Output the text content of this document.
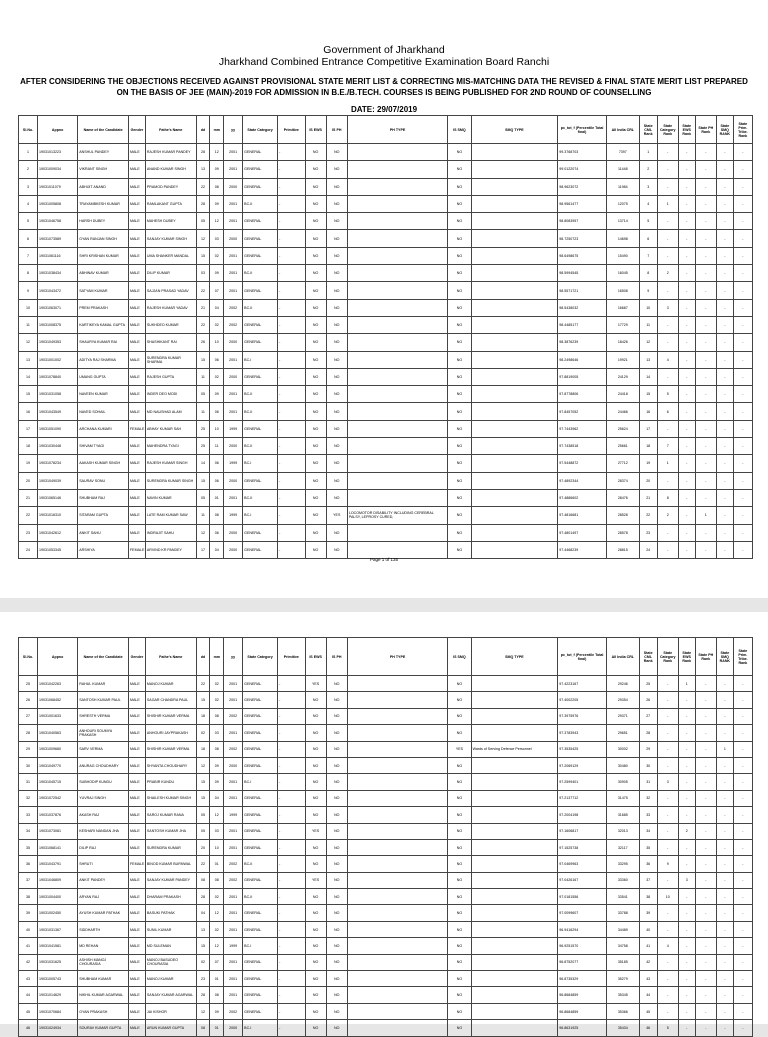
Government of Jharkhand
Jharkhand Combined Entrance Competitive Examination Board Ranchi
AFTER CONSIDERING THE OBJECTIONS RECEIVED AGAINST PROVISIONAL STATE MERIT LIST & CORRECTING MIS-MATCHING DATA THE REVISED & FINAL STATE MERIT LIST PREPARED ON THE BASIS OF JEE (MAIN)-2019 FOR ADMISSION IN B.E./B.TECH. COURSES IS BEING PUBLISHED FOR 2ND ROUND OF COUNSELLING
DATE: 29/07/2019
Sl.No.	Appno	Name of the Candidate	Gender	Fathe's Name	dd	mm	yy	State Category	Primitive	IS EWS	IS PH	PH TYPE	IS SMQ	SMQ TYPE	pc_tot_f (Percentile Total final)	All India CRL	State CML Rank	State Category Rank	State EWS Rank	State PH Rank	State SMQ RANK	State Prim. Tribe. Rank
1	19031013223	ANSHUL PANDEY	MALE	RAJESH KUMAR PANDEY	28	12	2001	GENERAL	-	NO	NO		NO		99.3768703	7397	1	-	-	-	-	-
2	19031009034	VIKRANT SINGH	MALE	ANAND KUMAR SINGH	13	09	2001	GENERAL	-	NO	NO		NO		99.0122074	11448	2	-	-	-	-	-
3	19031011079	ABHIJIT ANAND	MALE	PRAMOD PANDEY	22	08	2000	GENERAL	-	NO	NO		NO		98.9623072	11984	3	-	-	-	-	-
4	19031005808	TRAYAMBKESH KUMAR	MALE	RAMLAKANT GUPTA	28	09	2001	BC-II	-	NO	NO		NO		98.9561477	12075	4	1	-	-	-	-
5	19031046758	HARSH DUBEY	MALE	MAHESH DUBEY	05	12	2001	GENERAL	-	NO	NO		NO		98.8083957	13714	5	-	-	-	-	-
6	19031073589	GYAN RANJAN SINGH	MALE	SANJAY KUMAR SINGH	12	03	2000	GENERAL	-	NO	NO		NO		98.7250723	14698	6	-	-	-	-	-
7	19031061116	SHRI KRISHAN KUMAR	MALE	UMA SHANKER MANDAL	15	02	2001	GENERAL	-	NO	NO		NO		98.6498675	15490	7	-	-	-	-	-
8	19031038434	ABHINAV KUMAR	MALE	DILIP KUMAR	03	09	2001	BC-II	-	NO	NO		NO		98.5994545	16045	8	2	-	-	-	-
9	19031043472	SATYAM KUMAR	MALE	SAJJAN PRASAD YADAV	22	07	2001	GENERAL	-	NO	NO		NO		98.5571721	16508	9	-	-	-	-	-
10	19031063071	PREM PRAKASH	MALE	RAJESH KUMAR YADAV	21	04	2002	BC-II	-	NO	NO		NO		98.5438032	16687	10	3	-	-	-	-
11	19031008375	KARTIKEYA KAMAL GUPTA	MALE	SUKHDEO KUMAR	22	02	2002	GENERAL	-	NO	NO		NO		98.4485177	17729	11	-	-	-	-	-
12	19031049353	SHAURYA KUMAR RAI	MALE	SHASHIKANT RAI	26	10	2000	GENERAL	-	NO	NO		NO		98.3876239	18426	12	-	-	-	-	-
13	19031001002	ADITYA RAJ SHARMA	MALE	SURENDRA KUMAR SHARMA	15	06	2001	BC-I	-	NO	NO		NO		98.2498646	19921	13	4	-	-	-	-
14	19031078840	UMANG GUPTA	MALE	RAJESH GUPTA	11	02	2000	GENERAL	-	NO	NO		NO		97.8819005	24129	14	-	-	-	-	-
15	19031031058	NAVEEN KUMAR	MALE	INDER DEO MODI	05	09	2001	BC-II	-	NO	NO		NO		97.8778806	24418	15	5	-	-	-	-
16	19031043549	NAVED SOHAIL	MALE	MD NAUSHAD ALAM	11	06	2001	BC-II	-	NO	NO		NO		97.8457052	24466	16	6	-	-	-	-
17	19031051090	ARCHANA KUMARI	FEMALE	ABHAY KUMAR SAH	25	10	1999	GENERAL	-	NO	NO		NO		97.7443962	25624	17	-	-	-	-	-
18	19031030448	SHIVAM TYAGI	MALE	MAHENDRA TYAGI	25	11	2000	BC-II	-	NO	NO		NO		97.7438518	25661	18	7	-	-	-	-
19	19031078234	AAKASH KUMAR SINGH	MALE	RAJESH KUMAR SINGH	14	06	1999	BC-I	-	NO	NO		NO		97.5448872	27712	19	1	-	-	-	-
20	19031049039	SAURAV SONU	MALE	SURENDRA KUMAR SINGH	15	06	2000	GENERAL	-	NO	NO		NO		97.4892344	28374	20	-	-	-	-	-
21	19031065146	SHUBHAM RAJ	MALE	NAVIN KUMAR	05	01	2001	BC-II	-	NO	NO		NO		97.4886602	28476	21	8	-	-	-	-
22	19031016310	SITARAM GUPTA	MALE	LATE RAM KUMAR SAW	11	08	1999	BC-I	-	NO	YES	LOCOMOTOR DISABILITY INCLUDING CEREBRAL PALSY, LEPROSY CURED,	NO		97.4816681	28528	22	2	-	1	-	-
23	19031042612	ANKIT SAHU	MALE	INDRAJIT SAHU	12	06	2000	GENERAL	-	NO	NO		NO		97.4801497	28578	23	-	-	-	-	-
24	19031053345	ARSHIYA	FEMALE	ARVIND KR PANDEY	17	04	2000	GENERAL	-	NO	NO		NO		97.4468239	28815	24	-	-	-	-	-
Page 1 of 135
Sl.No.	Appno	Name of the Candidate	Gender	Fathe's Name	dd	mm	yy	State Category	Primitive	IS EWS	IS PH	PH TYPE	IS SMQ	SMQ TYPE	pc_tot_f (Percentile Total final)	All India CRL	State CML Rank	State Category Rank	State EWS Rank	State PH Rank	State SMQ RANK	State Prim. Tribe. Rank
25	19031042263	RAHUL KUMAR	MALE	MANOJ KUMAR	22	02	2001	GENERAL	-	YES	NO		NO		97.4223167	29246	25	-	1	-	-	-
26	19031068452	SANTOSH KUMAR PAUL	MALE	SAGAR CHANDRA PAUL	15	02	2001	GENERAL	-	NO	NO		NO		97.4002205	29354	26	-	-	-	-	-
27	19031001633	SHRESTH VERMA	MALE	SHISHIR KUMAR VERMA	18	08	2002	GENERAL	-	NO	NO		NO		97.3975976	29371	27	-	-	-	-	-
28	19031040563	ANHOURI SOUMYA PRAKASH	MALE	ANHOURI JAYPRAKASH	02	03	2001	GENERAL	-	NO	NO		NO		97.3783943	29651	28	-	-	-	-	-
29	19031009680	SARV VERMA	MALE	SHISHIR KUMAR VERMA	18	08	2002	GENERAL	-	NO	NO		YES	Wards of Serving Defence Personnel	97.3535425	30002	29	-	-	-	1	-
30	19031049770	ANURAG CHOUDHARY	MALE	SHYANTA CHOUDHARY	12	09	2000	GENERAL	-	NO	NO		NO		97.2069129	30480	30	-	-	-	-	-
31	19031045715	SUBHODIP KUNDU	MALE	PRABIR KUNDU	15	09	2001	BC-I	-	NO	NO		NO		97.2599401	30905	31	3	-	-	-	-
32	19031072542	YUVRAJ SINGH	MALE	SHAILESH KUMAR SINGH	15	04	2001	GENERAL	-	NO	NO		NO		97.2137712	31475	32	-	-	-	-	-
33	19031037876	AKASH RAJ	MALE	SAROJ KUMAR RANA	05	12	1999	GENERAL	-	NO	NO		NO		97.2004198	31685	33	-	-	-	-	-
34	19031073081	KESHARI NANDAN JHA	MALE	SANTOSH KUMAR JHA	05	03	2001	GENERAL	-	YES	NO		NO		97.1606817	32013	34	-	2	-	-	-
35	19031068141	DILIP RAJ	MALE	SURENDRA KUMAR	20	10	2001	GENERAL	-	NO	NO		NO		97.1525738	32117	35	-	-	-	-	-
36	19031043791	SHRUTI	FEMALE	BINOD KUMAR BURNWAL	22	01	2002	BC-II	-	NO	NO		NO		97.0469963	33295	36	9	-	-	-	-
37	19031046809	ANKIT PANDEY	MALE	SANJAY KUMAR PANDEY	08	08	2002	GENERAL	-	YES	NO		NO		97.0426167	33360	37	-	3	-	-	-
38	19031004400	ARYAN RAJ	MALE	DHARAM PRAKASH	28	02	2001	BC-II	-	NO	NO		NO		97.0181556	33541	38	10	-	-	-	-
39	19031002450	AYUSH KUMAR PATHAK	MALE	BASUKI PATHAK	04	12	2001	GENERAL	-	NO	NO		NO		97.0099607	33788	39	-	-	-	-	-
40	19031031367	SIDDHARTH	MALE	SUNIL KUMAR	13	02	2001	GENERAL	-	NO	NO		NO		96.9416294	34489	40	-	-	-	-	-
41	19031041581	MD REHAN	MALE	MD SULEMAN	15	12	1999	BC-I	-	NO	NO		NO		96.9251570	34758	41	4	-	-	-	-
42	19031031625	ASHISH MANOJ CHOURASIA	MALE	MANOJ BASUDEO CHOURASIA	02	07	2001	GENERAL	-	NO	NO		NO		96.8752077	35185	42	-	-	-	-	-
43	19031005743	SHUBHAM KUMAR	MALE	MANOJ KUMAR	23	01	2001	GENERAL	-	NO	NO		NO		96.8735329	35279	43	-	-	-	-	-
44	19031014629	NIKHIL KUMAR AGARWAL	MALE	SANJAY KUMAR AGARWAL	28	08	2001	GENERAL	-	NO	NO		NO		96.8684859	35345	44	-	-	-	-	-
45	19031070684	GYAN PRAKASH	MALE	JAI KISHOR	12	09	2002	GENERAL	-	NO	NO		NO		96.8684859	35366	45	-	-	-	-	-
46	19031024934	SOURAV KUMAR GUPTA	MALE	ARUN KUMAR GUPTA	08	01	2000	BC-I	-	NO	NO		NO		96.8631925	35434	46	5	-	-	-	-
